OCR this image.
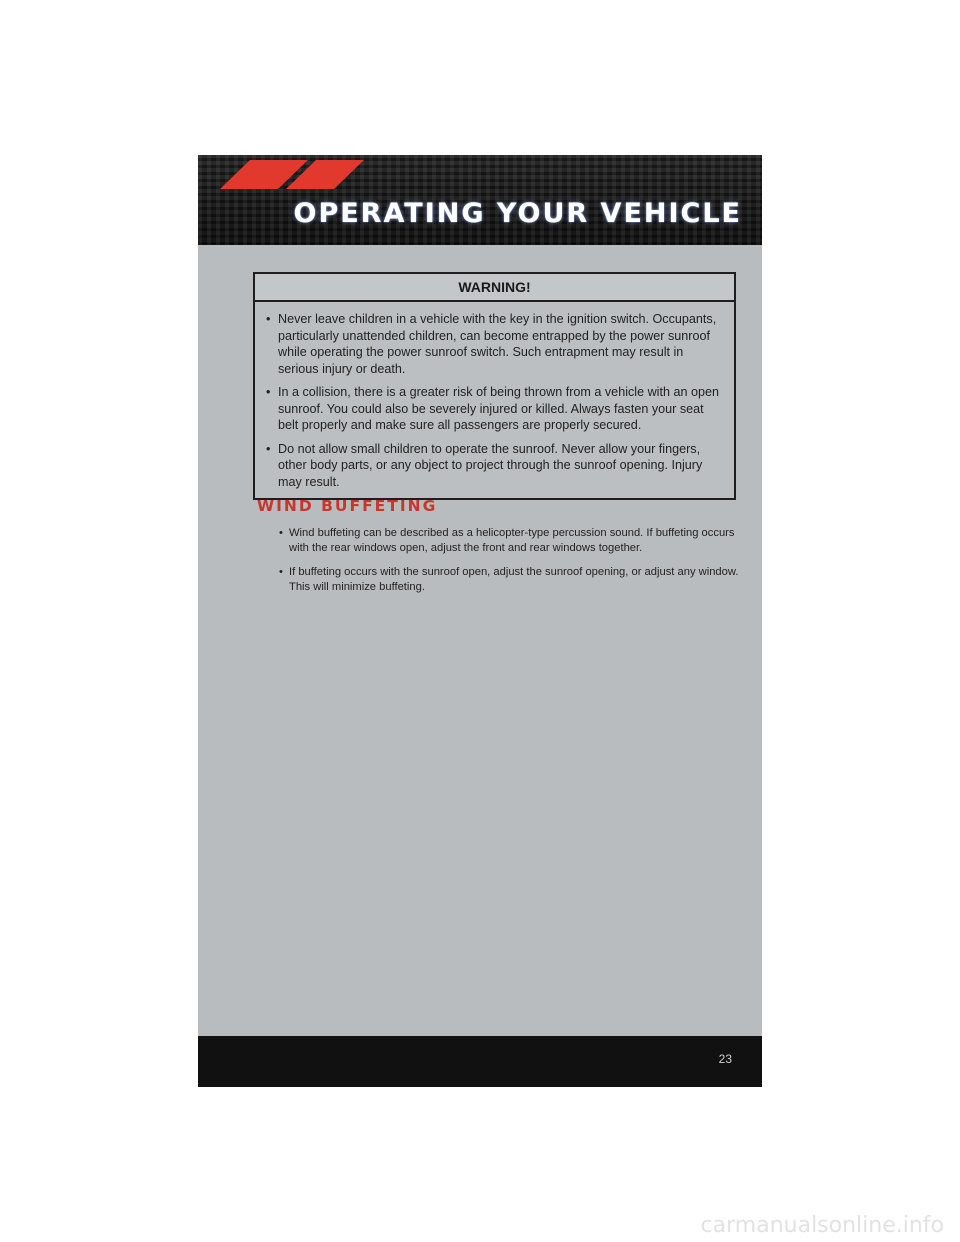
OPERATING YOUR VEHICLE
WARNING!
• Never leave children in a vehicle with the key in the ignition switch. Occupants, particularly unattended children, can become entrapped by the power sunroof while operating the power sunroof switch. Such entrapment may result in serious injury or death.
• In a collision, there is a greater risk of being thrown from a vehicle with an open sunroof. You could also be severely injured or killed. Always fasten your seat belt properly and make sure all passengers are properly secured.
• Do not allow small children to operate the sunroof. Never allow your fingers, other body parts, or any object to project through the sunroof opening. Injury may result.
WIND BUFFETING
• Wind buffeting can be described as a helicopter-type percussion sound. If buffeting occurs with the rear windows open, adjust the front and rear windows together.
• If buffeting occurs with the sunroof open, adjust the sunroof opening, or adjust any window. This will minimize buffeting.
23
carmanualsonline.info
